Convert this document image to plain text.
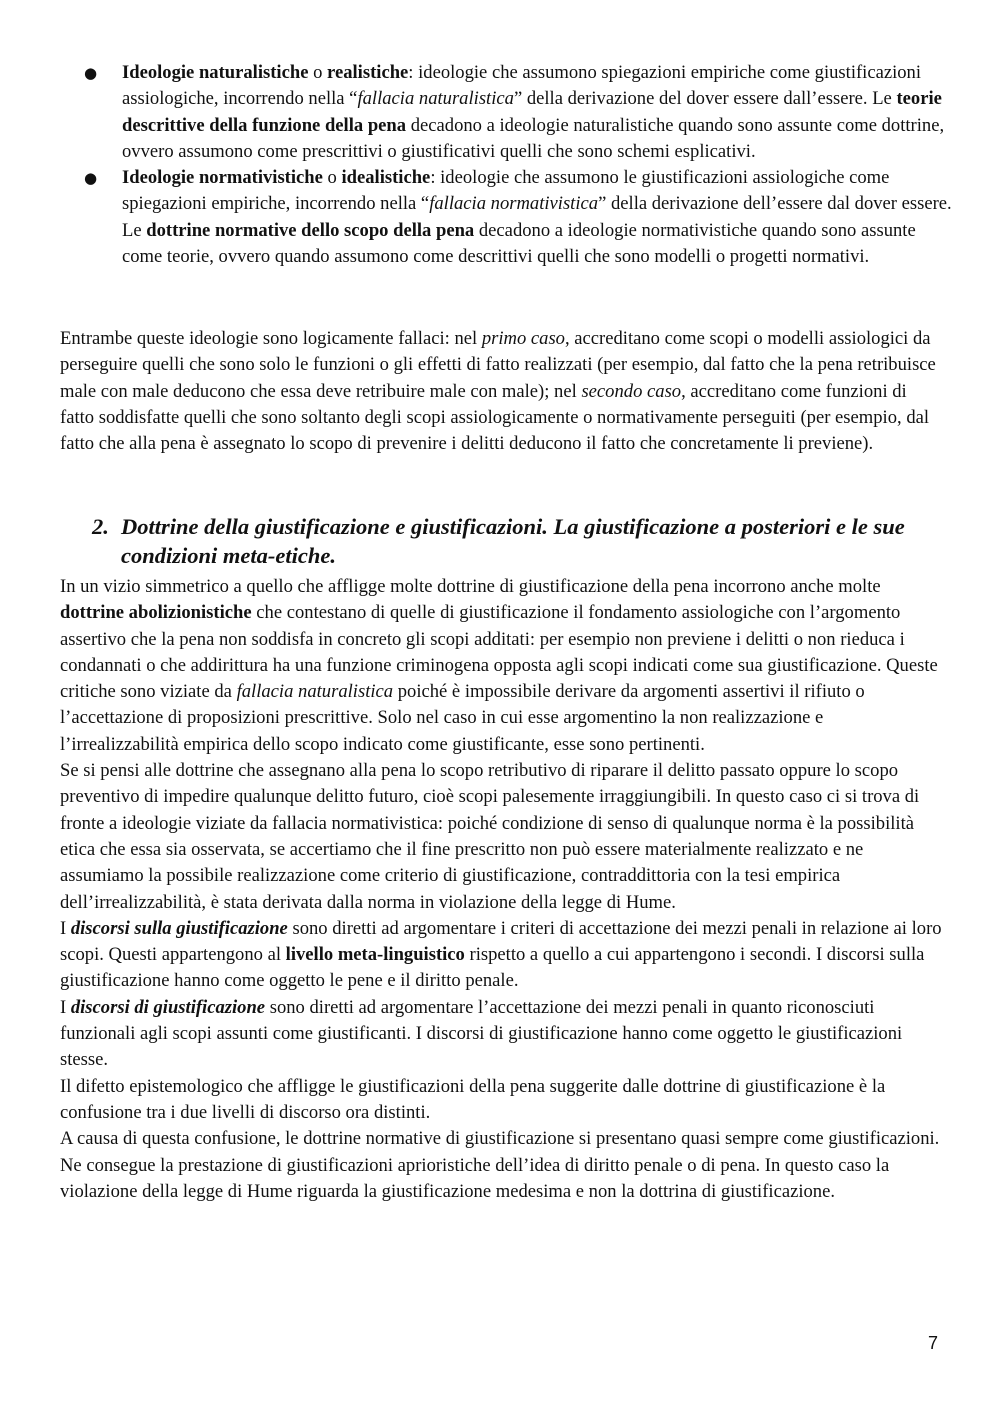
● Ideologie naturalistiche o realistiche: ideologie che assumono spiegazioni empiriche come giustificazioni assiologiche, incorrendo nella “fallacia naturalistica” della derivazione del dover essere dall’essere. Le teorie descrittive della funzione della pena decadono a ideologie naturalistiche quando sono assunte come dottrine, ovvero assumono come prescrittivi o giustificativi quelli che sono schemi esplicativi.
● Ideologie normativistiche o idealistiche: ideologie che assumono le giustificazioni assiologiche come spiegazioni empiriche, incorrendo nella “fallacia normativistica” della derivazione dell’essere dal dover essere. Le dottrine normative dello scopo della pena decadono a ideologie normativistiche quando sono assunte come teorie, ovvero quando assumono come descrittivi quelli che sono modelli o progetti normativi.

Entrambe queste ideologie sono logicamente fallaci: nel primo caso, accreditano come scopi o modelli assiologici da perseguire quelli che sono solo le funzioni o gli effetti di fatto realizzati (per esempio, dal fatto che la pena retribuisce male con male deducono che essa deve retribuire male con male); nel secondo caso, accreditano come funzioni di fatto soddisfatte quelli che sono soltanto degli scopi assiologicamente o normativamente perseguiti (per esempio, dal fatto che alla pena è assegnato lo scopo di prevenire i delitti deducono il fatto che concretamente li previene).

2. Dottrine della giustificazione e giustificazioni. La giustificazione a posteriori e le sue condizioni meta-etiche.

In un vizio simmetrico a quello che affligge molte dottrine di giustificazione della pena incorrono anche molte dottrine abolizionistiche che contestano di quelle di giustificazione il fondamento assiologiche con l’argomento assertivo che la pena non soddisfa in concreto gli scopi additati: per esempio non previene i delitti o non rieduca i condannati o che addirittura ha una funzione criminogena opposta agli scopi indicati come sua giustificazione. Queste critiche sono viziate da fallacia naturalistica poiché è impossibile derivare da argomenti assertivi il rifiuto o l’accettazione di proposizioni prescrittive. Solo nel caso in cui esse argomentino la non realizzazione e l’irrealizzabilità empirica dello scopo indicato come giustificante, esse sono pertinenti.

Se si pensi alle dottrine che assegnano alla pena lo scopo retributivo di riparare il delitto passato oppure lo scopo preventivo di impedire qualunque delitto futuro, cioè scopi palesemente irraggiungibili. In questo caso ci si trova di fronte a ideologie viziate da fallacia normativistica: poiché condizione di senso di qualunque norma è la possibilità etica che essa sia osservata, se accertiamo che il fine prescritto non può essere materialmente realizzato e ne assumiamo la possibile realizzazione come criterio di giustificazione, contraddittoria con la tesi empirica dell’irrealizzabilità, è stata derivata dalla norma in violazione della legge di Hume.

I discorsi sulla giustificazione sono diretti ad argomentare i criteri di accettazione dei mezzi penali in relazione ai loro scopi. Questi appartengono al livello meta-linguistico rispetto a quello a cui appartengono i secondi. I discorsi sulla giustificazione hanno come oggetto le pene e il diritto penale.

I discorsi di giustificazione sono diretti ad argomentare l’accettazione dei mezzi penali in quanto riconosciuti funzionali agli scopi assunti come giustificanti. I discorsi di giustificazione hanno come oggetto le giustificazioni stesse.

Il difetto epistemologico che affligge le giustificazioni della pena suggerite dalle dottrine di giustificazione è la confusione tra i due livelli di discorso ora distinti.

A causa di questa confusione, le dottrine normative di giustificazione si presentano quasi sempre come giustificazioni. Ne consegue la prestazione di giustificazioni aprioristiche dell’idea di diritto penale o di pena. In questo caso la violazione della legge di Hume riguarda la giustificazione medesima e non la dottrina di giustificazione.

7
